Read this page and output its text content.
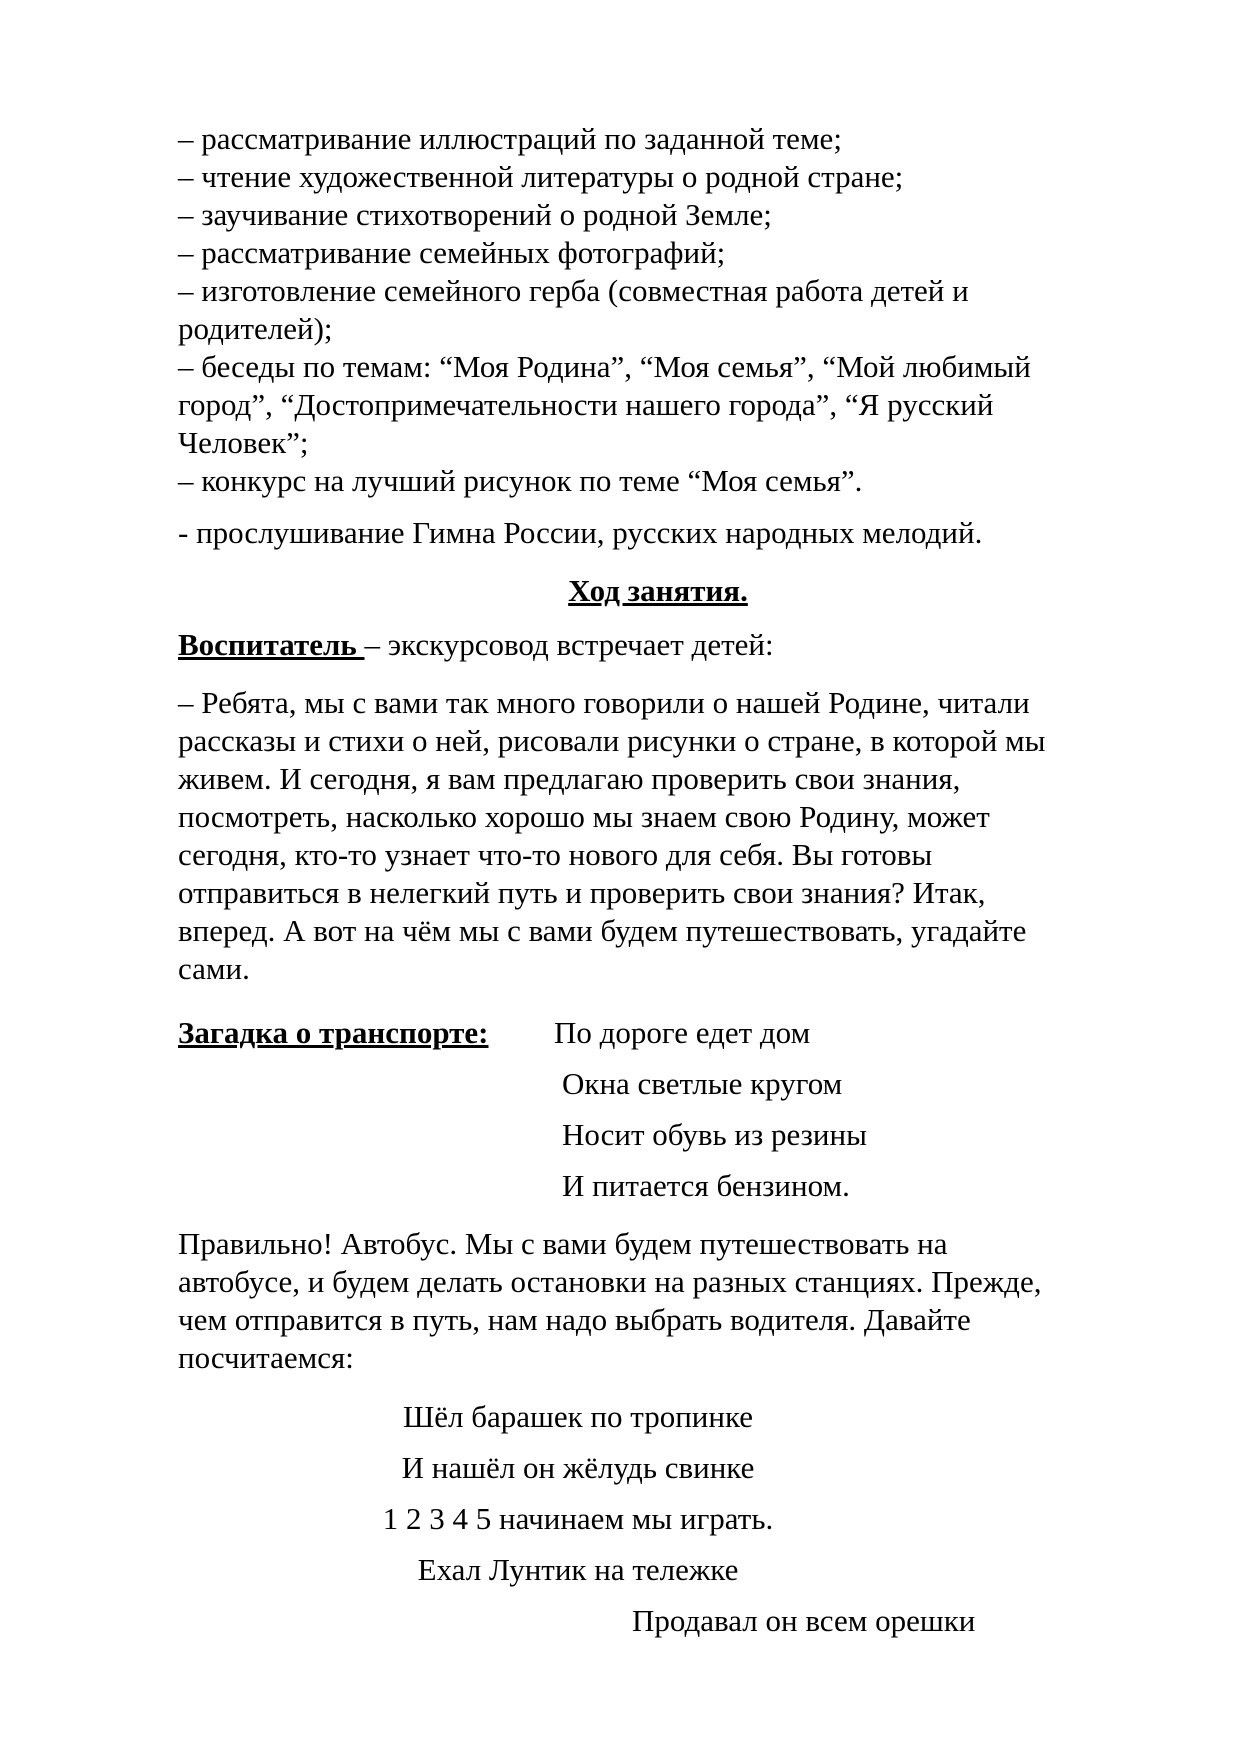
– рассматривание иллюстраций по заданной теме;
– чтение художественной литературы о родной стране;
– заучивание стихотворений о родной Земле;
– рассматривание семейных фотографий;
– изготовление семейного герба (совместная работа детей и
родителей);
– беседы по темам: “Моя Родина”, “Моя семья”, “Мой любимый
город”, “Достопримечательности нашего города”, “Я русский
Человек”;
– конкурс на лучший рисунок по теме “Моя семья”.
- прослушивание Гимна России, русских народных мелодий.
Ход занятия.
Воспитатель – экскурсовод встречает детей:
– Ребята, мы с вами так много говорили о нашей Родине, читали
рассказы и стихи о ней, рисовали рисунки о стране, в которой мы
живем. И сегодня, я вам предлагаю проверить свои знания,
посмотреть, насколько хорошо мы знаем свою Родину, может
сегодня, кто-то узнает что-то нового для себя. Вы готовы
отправиться в нелегкий путь и проверить свои знания? Итак,
вперед. А вот на чём мы с вами будем путешествовать, угадайте
сами.
Загадка о транспорте:	По дороге едет дом
Окна светлые кругом
Носит обувь из резины
И питается бензином.
Правильно! Автобус. Мы с вами будем путешествовать на
автобусе, и будем делать остановки на разных станциях. Прежде,
чем отправится в путь, нам надо выбрать водителя. Давайте
посчитаемся:
Шёл барашек по тропинке
И нашёл он жёлудь свинке
1 2 3 4 5 начинаем мы играть.
Ехал Лунтик на тележке
Продавал он всем орешки
